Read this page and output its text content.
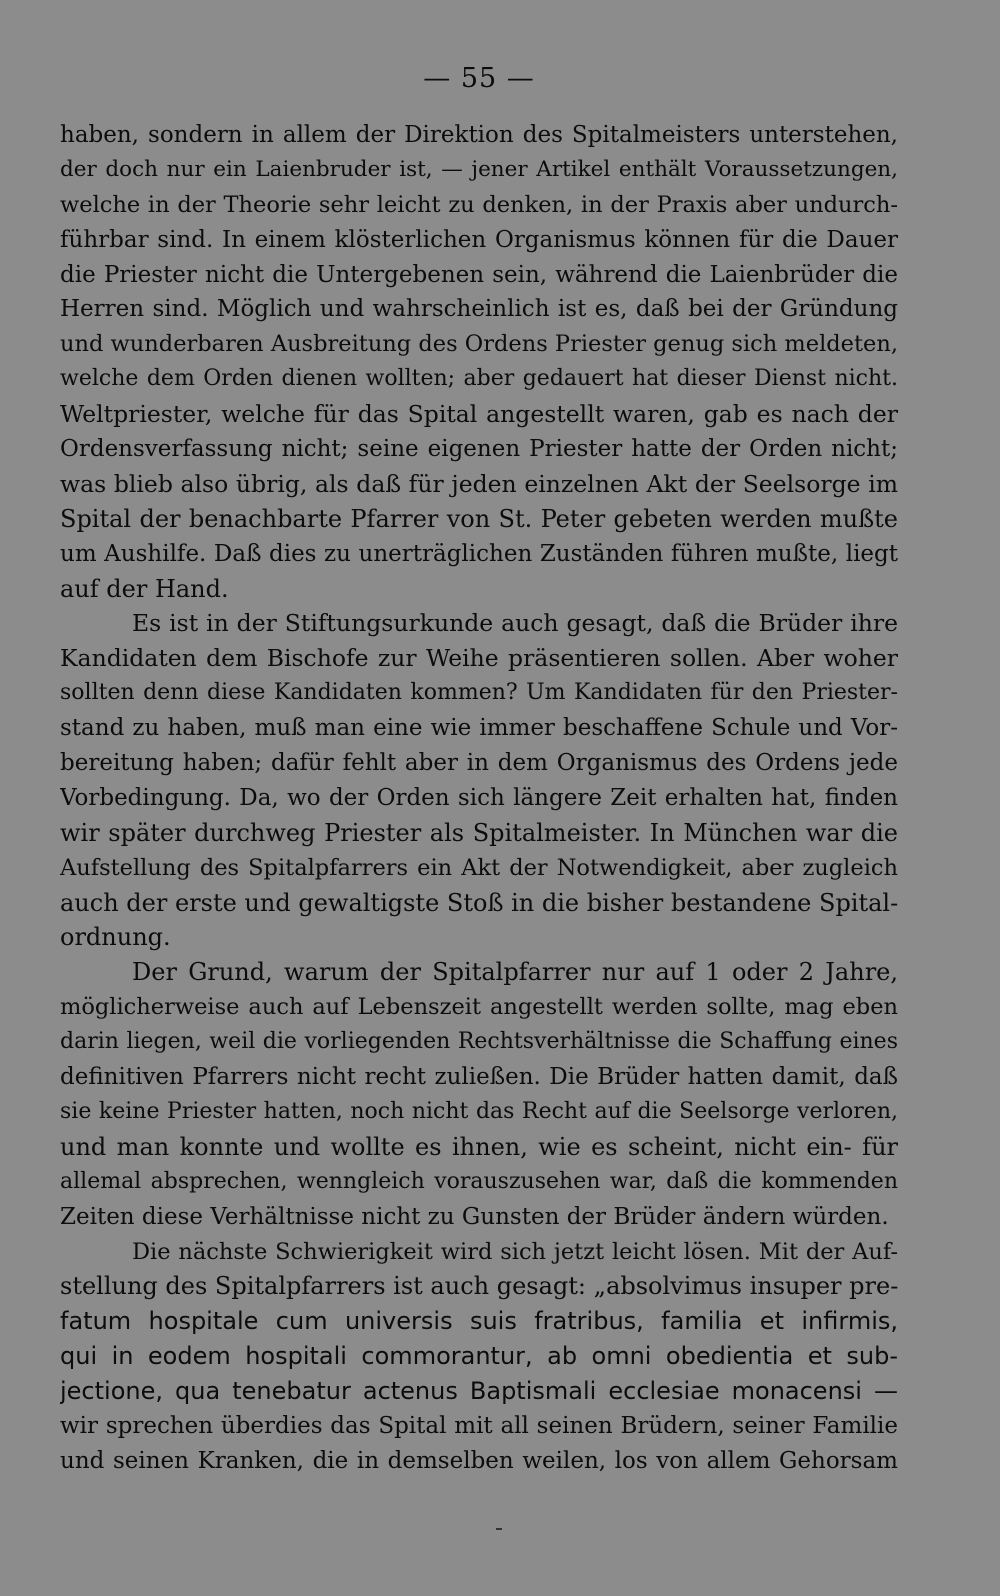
— 55 —
haben, sondern in allem der Direktion des Spitalmeisters unterstehen,
der doch nur ein Laienbruder ist, — jener Artikel enthält Voraussetzungen,
welche in der Theorie sehr leicht zu denken, in der Praxis aber undurch-
führbar sind. In einem klösterlichen Organismus können für die Dauer
die Priester nicht die Untergebenen sein, während die Laienbrüder die
Herren sind. Möglich und wahrscheinlich ist es, daß bei der Gründung
und wunderbaren Ausbreitung des Ordens Priester genug sich meldeten,
welche dem Orden dienen wollten; aber gedauert hat dieser Dienst nicht.
Weltpriester, welche für das Spital angestellt waren, gab es nach der
Ordensverfassung nicht; seine eigenen Priester hatte der Orden nicht;
was blieb also übrig, als daß für jeden einzelnen Akt der Seelsorge im
Spital der benachbarte Pfarrer von St. Peter gebeten werden mußte
um Aushilfe. Daß dies zu unerträglichen Zuständen führen mußte, liegt
auf der Hand.
Es ist in der Stiftungsurkunde auch gesagt, daß die Brüder ihre
Kandidaten dem Bischofe zur Weihe präsentieren sollen. Aber woher
sollten denn diese Kandidaten kommen? Um Kandidaten für den Priester-
stand zu haben, muß man eine wie immer beschaffene Schule und Vor-
bereitung haben; dafür fehlt aber in dem Organismus des Ordens jede
Vorbedingung. Da, wo der Orden sich längere Zeit erhalten hat, finden
wir später durchweg Priester als Spitalmeister. In München war die
Aufstellung des Spitalpfarrers ein Akt der Notwendigkeit, aber zugleich
auch der erste und gewaltigste Stoß in die bisher bestandene Spital-
ordnung.
Der Grund, warum der Spitalpfarrer nur auf 1 oder 2 Jahre,
möglicherweise auch auf Lebenszeit angestellt werden sollte, mag eben
darin liegen, weil die vorliegenden Rechtsverhältnisse die Schaffung eines
definitiven Pfarrers nicht recht zuließen. Die Brüder hatten damit, daß
sie keine Priester hatten, noch nicht das Recht auf die Seelsorge verloren,
und man konnte und wollte es ihnen, wie es scheint, nicht ein- für
allemal absprechen, wenngleich vorauszusehen war, daß die kommenden
Zeiten diese Verhältnisse nicht zu Gunsten der Brüder ändern würden.
Die nächste Schwierigkeit wird sich jetzt leicht lösen. Mit der Auf-
stellung des Spitalpfarrers ist auch gesagt: „absolvimus insuper pre-
fatum hospitale cum universis suis fratribus, familia et infirmis,
qui in eodem hospitali commorantur, ab omni obedientia et sub-
jectione, qua tenebatur actenus Baptismali ecclesiae monacensi —
wir sprechen überdies das Spital mit all seinen Brüdern, seiner Familie
und seinen Kranken, die in demselben weilen, los von allem Gehorsam
